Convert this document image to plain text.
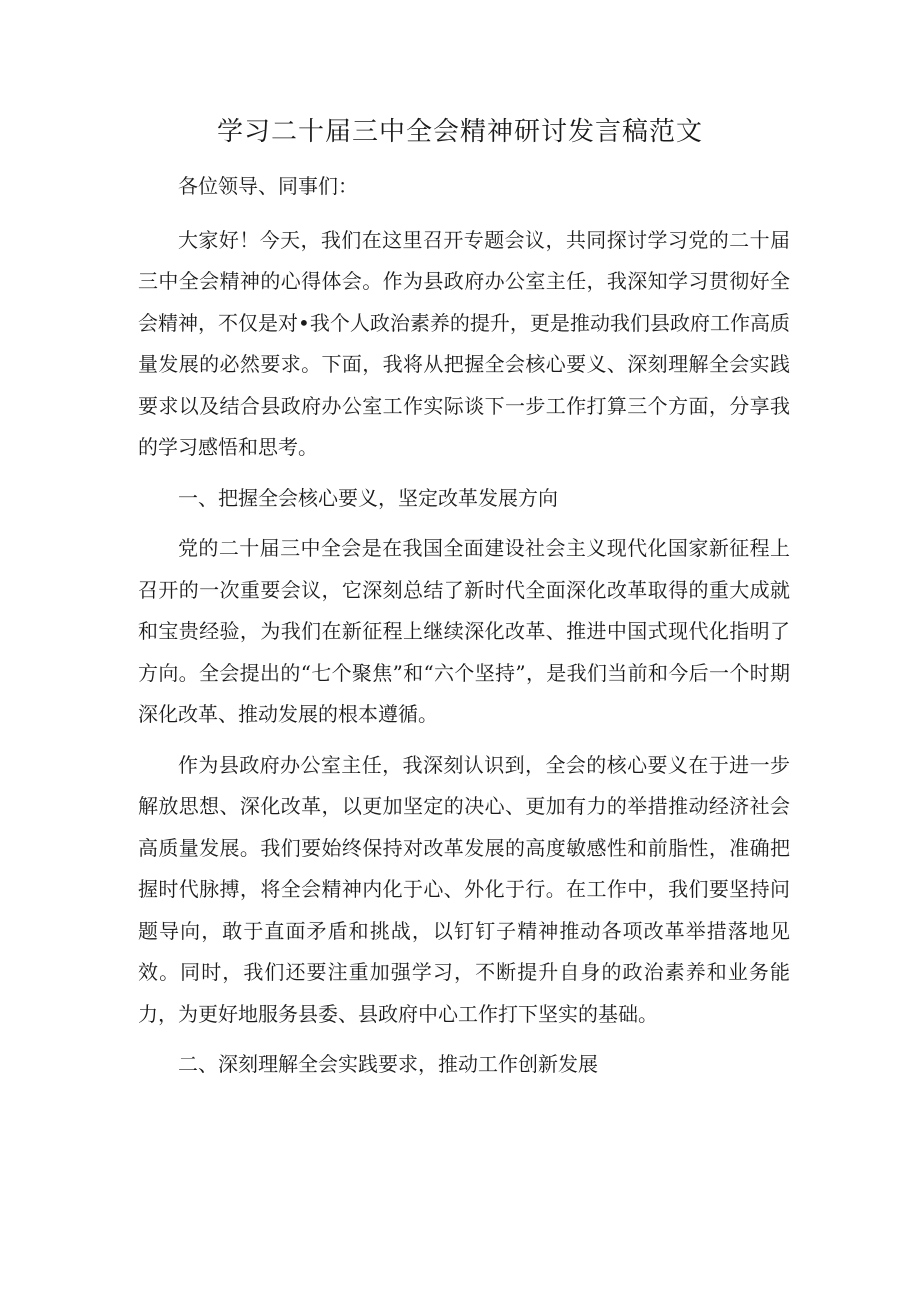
学习二十届三中全会精神研讨发言稿范文

各位领导、同事们：

大家好！今天，我们在这里召开专题会议，共同探讨学习党的二十届三中全会精神的心得体会。作为县政府办公室主任，我深知学习贯彻好全会精神，不仅是对•我个人政治素养的提升，更是推动我们县政府工作高质量发展的必然要求。下面，我将从把握全会核心要义、深刻理解全会实践要求以及结合县政府办公室工作实际谈下一步工作打算三个方面，分享我的学习感悟和思考。

一、把握全会核心要义，坚定改革发展方向

党的二十届三中全会是在我国全面建设社会主义现代化国家新征程上召开的一次重要会议，它深刻总结了新时代全面深化改革取得的重大成就和宝贵经验，为我们在新征程上继续深化改革、推进中国式现代化指明了方向。全会提出的“七个聚焦”和“六个坚持”，是我们当前和今后一个时期深化改革、推动发展的根本遵循。

作为县政府办公室主任，我深刻认识到，全会的核心要义在于进一步解放思想、深化改革，以更加坚定的决心、更加有力的举措推动经济社会高质量发展。我们要始终保持对改革发展的高度敏感性和前脂性，准确把握时代脉搏，将全会精神内化于心、外化于行。在工作中，我们要坚持问题导向，敢于直面矛盾和挑战，以钉钉子精神推动各项改革举措落地见效。同时，我们还要注重加强学习，不断提升自身的政治素养和业务能力，为更好地服务县委、县政府中心工作打下坚实的基础。

二、深刻理解全会实践要求，推动工作创新发展
